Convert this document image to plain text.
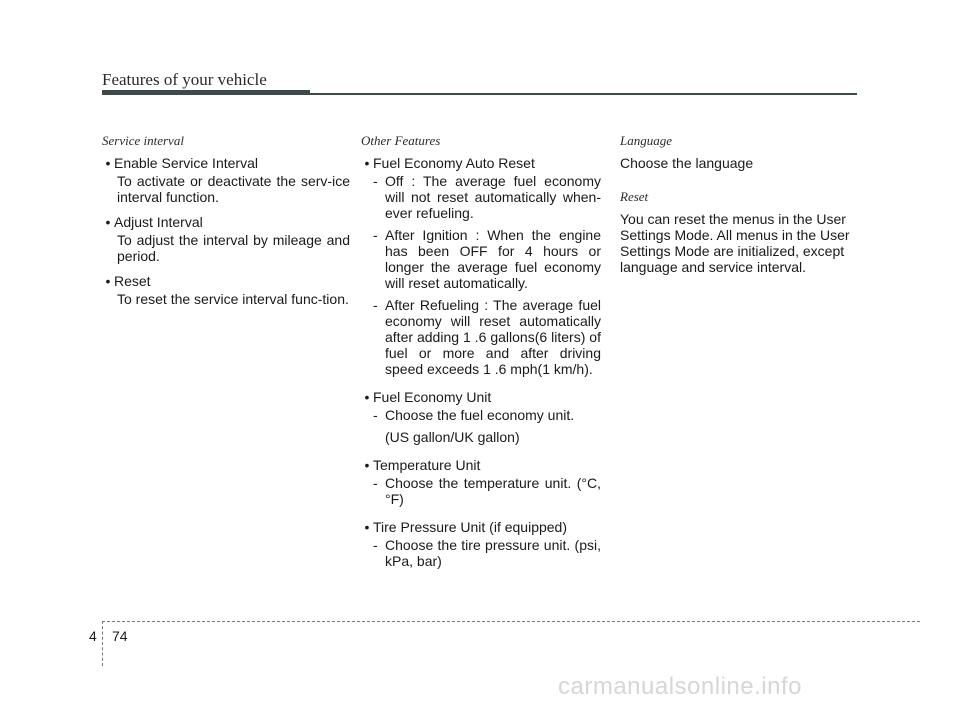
Features of your vehicle
Service interval
• Enable Service Interval
To activate or deactivate the serv-ice interval function.
• Adjust Interval
To adjust the interval by mileage and period.
• Reset
To reset the service interval func-tion.
Other Features
• Fuel Economy Auto Reset
- Off : The average fuel economy will not reset automatically when-ever refueling.
- After Ignition : When the engine has been OFF for 4 hours or longer the average fuel economy will reset automatically.
- After Refueling : The average fuel economy will reset automatically after adding 1 .6 gallons(6 liters) of fuel or more and after driving speed exceeds 1 .6 mph(1 km/h).
• Fuel Economy Unit
- Choose the fuel economy unit.
(US gallon/UK gallon)
• Temperature Unit
- Choose the temperature unit. (°C,°F)
• Tire Pressure Unit (if equipped)
- Choose the tire pressure unit. (psi, kPa, bar)
Language
Choose the language
Reset
You can reset the menus in the User Settings Mode. All menus in the User Settings Mode are initialized, except language and service interval.
4 74
carmanualsonline.info
